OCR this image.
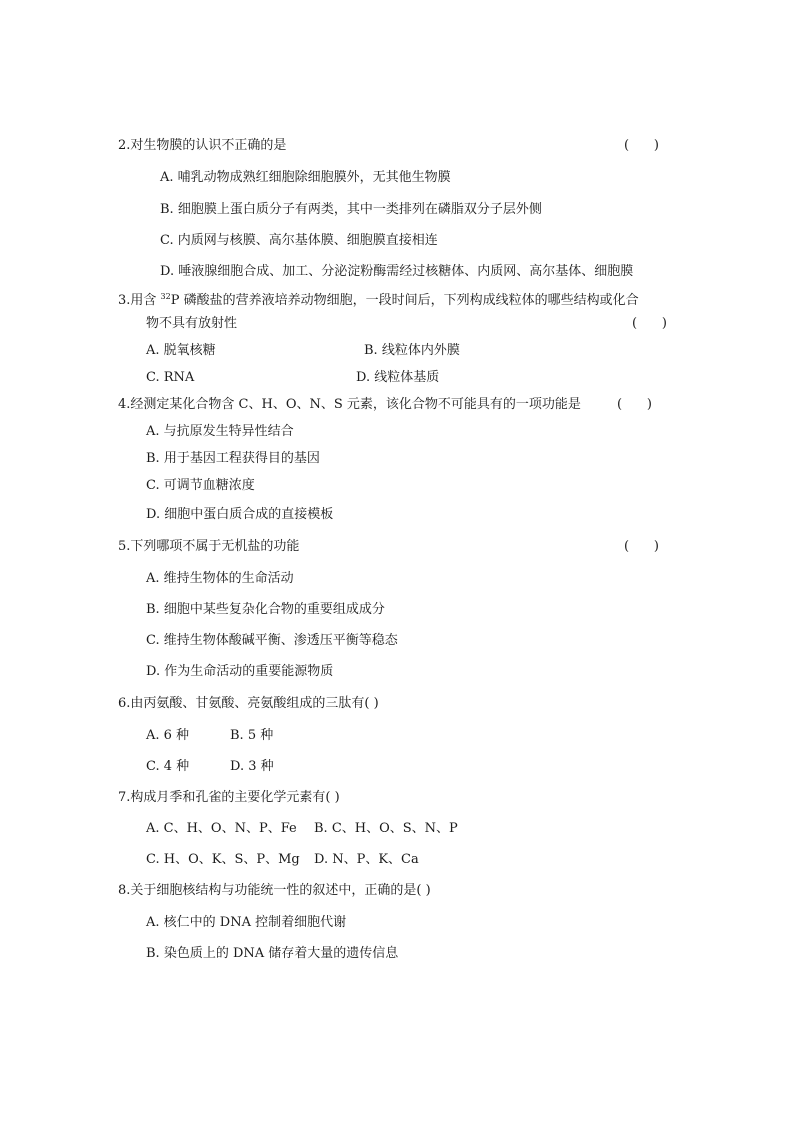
2.对生物膜的认识不正确的是	(      )
A. 哺乳动物成熟红细胞除细胞膜外，无其他生物膜
B. 细胞膜上蛋白质分子有两类，其中一类排列在磷脂双分子层外侧
C. 内质网与核膜、高尔基体膜、细胞膜直接相连
D. 唾液腺细胞合成、加工、分泌淀粉酶需经过核糖体、内质网、高尔基体、细胞膜
3.用含 $^{32}$P 磷酸盐的营养液培养动物细胞，一段时间后，下列构成线粒体的哪些结构或化合
物不具有放射性	(      )
A. 脱氧核糖	B. 线粒体内外膜
C. RNA	D. 线粒体基质
4.经测定某化合物含 C、H、O、N、S 元素，该化合物不可能具有的一项功能是	(      )
A. 与抗原发生特异性结合
B. 用于基因工程获得目的基因
C. 可调节血糖浓度
D. 细胞中蛋白质合成的直接模板
5.下列哪项不属于无机盐的功能	(      )
A. 维持生物体的生命活动
B. 细胞中某些复杂化合物的重要组成成分
C. 维持生物体酸碱平衡、渗透压平衡等稳态
D. 作为生命活动的重要能源物质
6.由丙氨酸、甘氨酸、亮氨酸组成的三肽有( )
A. 6 种	B. 5 种
C. 4 种	D. 3 种
7.构成月季和孔雀的主要化学元素有( )
A. C、H、O、N、P、Fe B. C、H、O、S、N、P
C. H、O、K、S、P、Mg D. N、P、K、Ca
8.关于细胞核结构与功能统一性的叙述中，正确的是( )
A. 核仁中的 DNA 控制着细胞代谢
B. 染色质上的 DNA 储存着大量的遗传信息
